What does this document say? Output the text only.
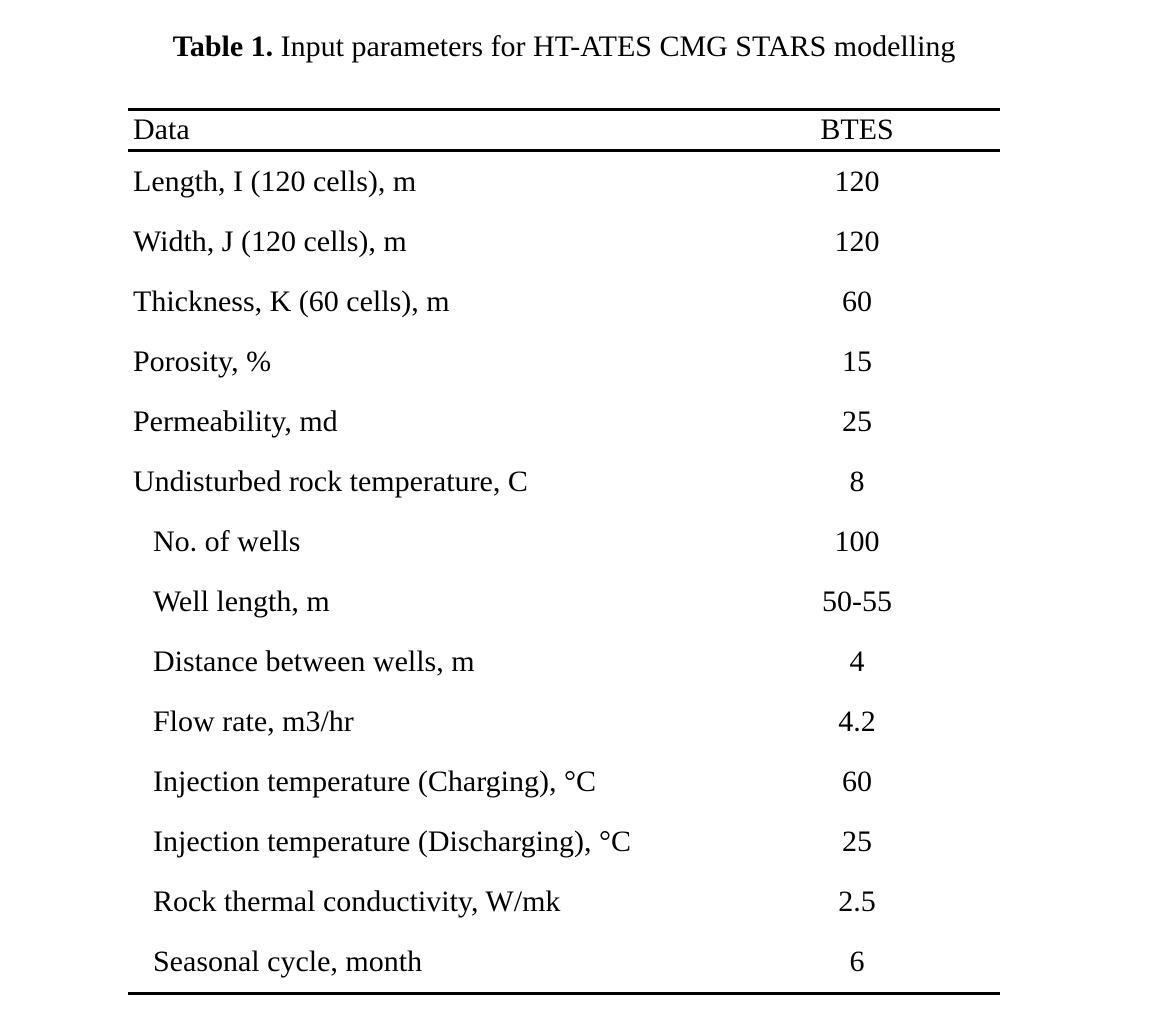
Table 1. Input parameters for HT-ATES CMG STARS modelling
Data	BTES
Length, I (120 cells), m	120
Width, J (120 cells), m	120
Thickness, K (60 cells), m	60
Porosity, %	15
Permeability, md	25
Undisturbed rock temperature, C	8
No. of wells	100
Well length, m	50-55
Distance between wells, m	4
Flow rate, m3/hr	4.2
Injection temperature (Charging), °C	60
Injection temperature (Discharging), °C	25
Rock thermal conductivity, W/mk	2.5
Seasonal cycle, month	6
